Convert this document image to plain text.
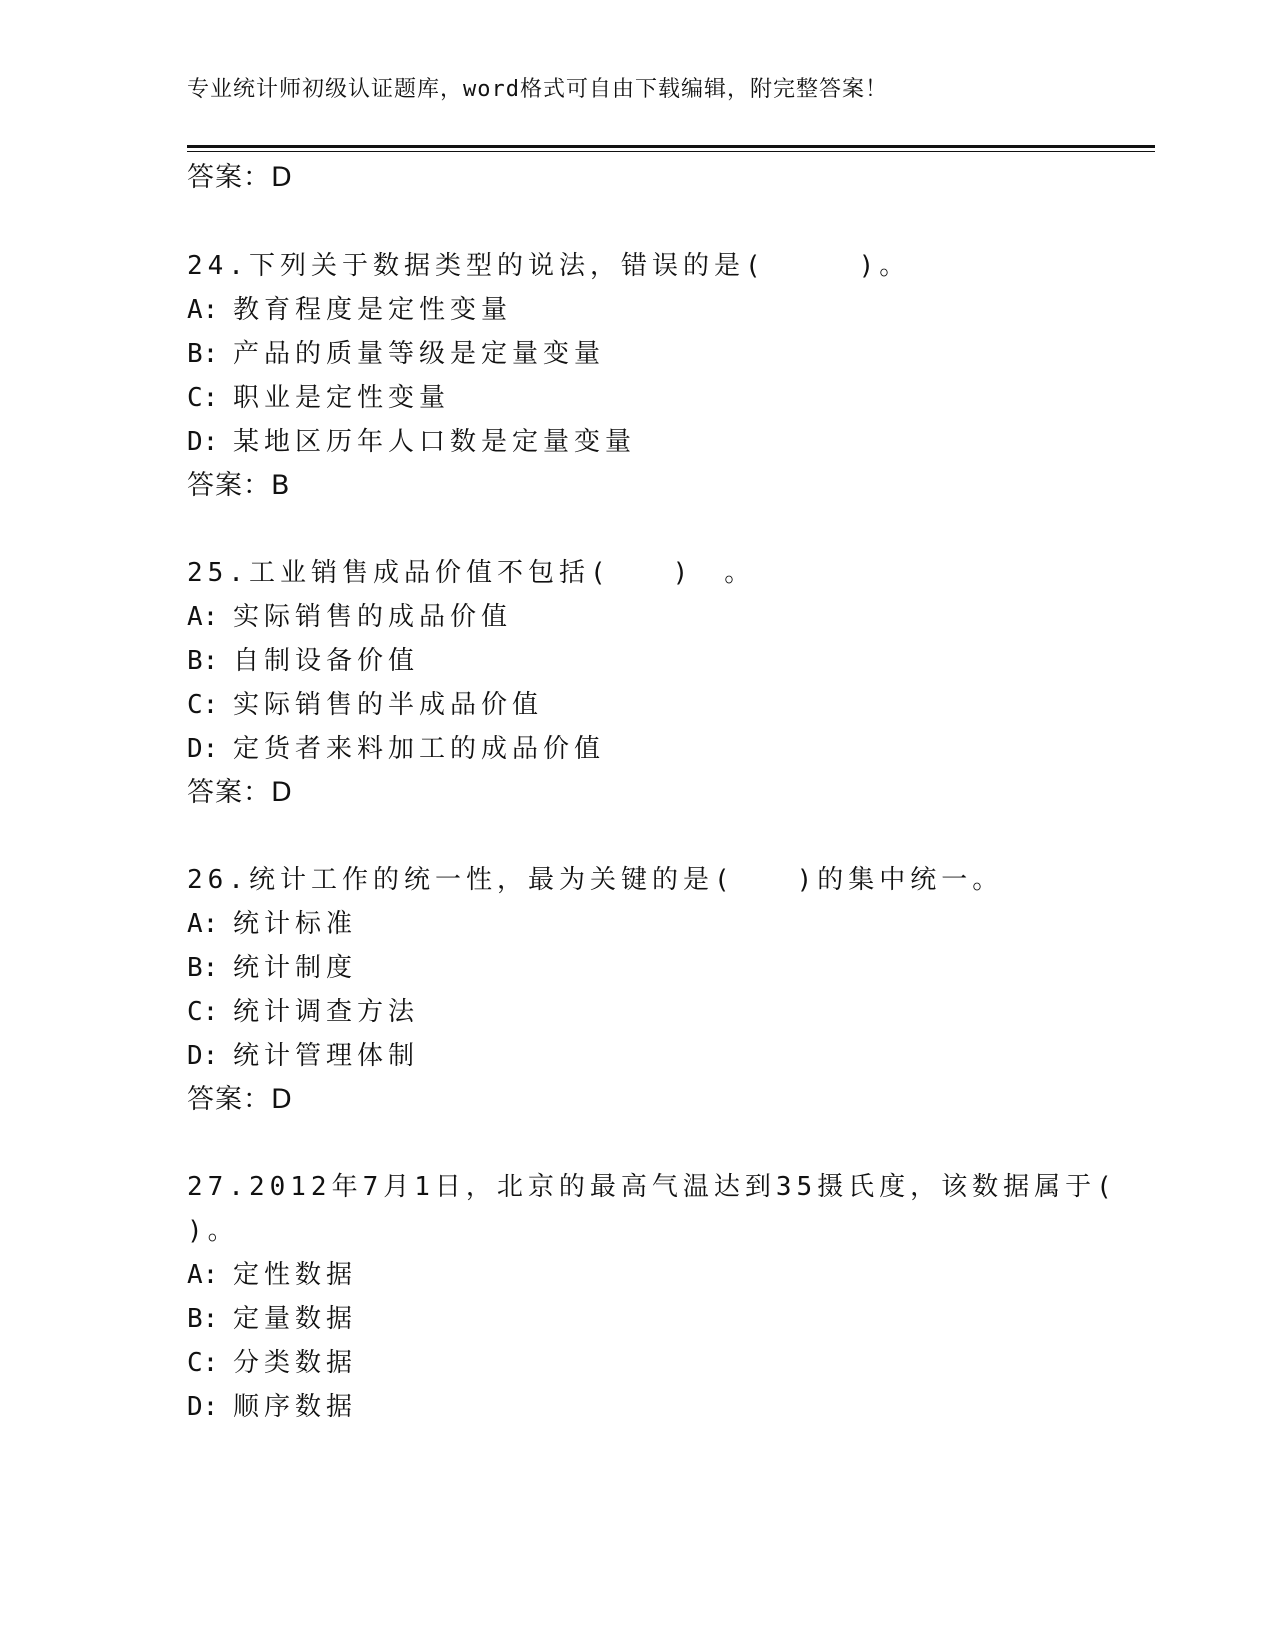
专业统计师初级认证题库，word格式可自由下载编辑，附完整答案！
答案：D
24.下列关于数据类型的说法，错误的是(　　　)。
A: 教育程度是定性变量
B: 产品的质量等级是定量变量
C: 职业是定性变量
D: 某地区历年人口数是定量变量
答案：B
25.工业销售成品价值不包括(　　)　。
A: 实际销售的成品价值
B: 自制设备价值
C: 实际销售的半成品价值
D: 定货者来料加工的成品价值
答案：D
26.统计工作的统一性，最为关键的是(　　)的集中统一。
A: 统计标准
B: 统计制度
C: 统计调查方法
D: 统计管理体制
答案：D
27.2012年7月1日，北京的最高气温达到35摄氏度，该数据属于(
)。
A: 定性数据
B: 定量数据
C: 分类数据
D: 顺序数据
